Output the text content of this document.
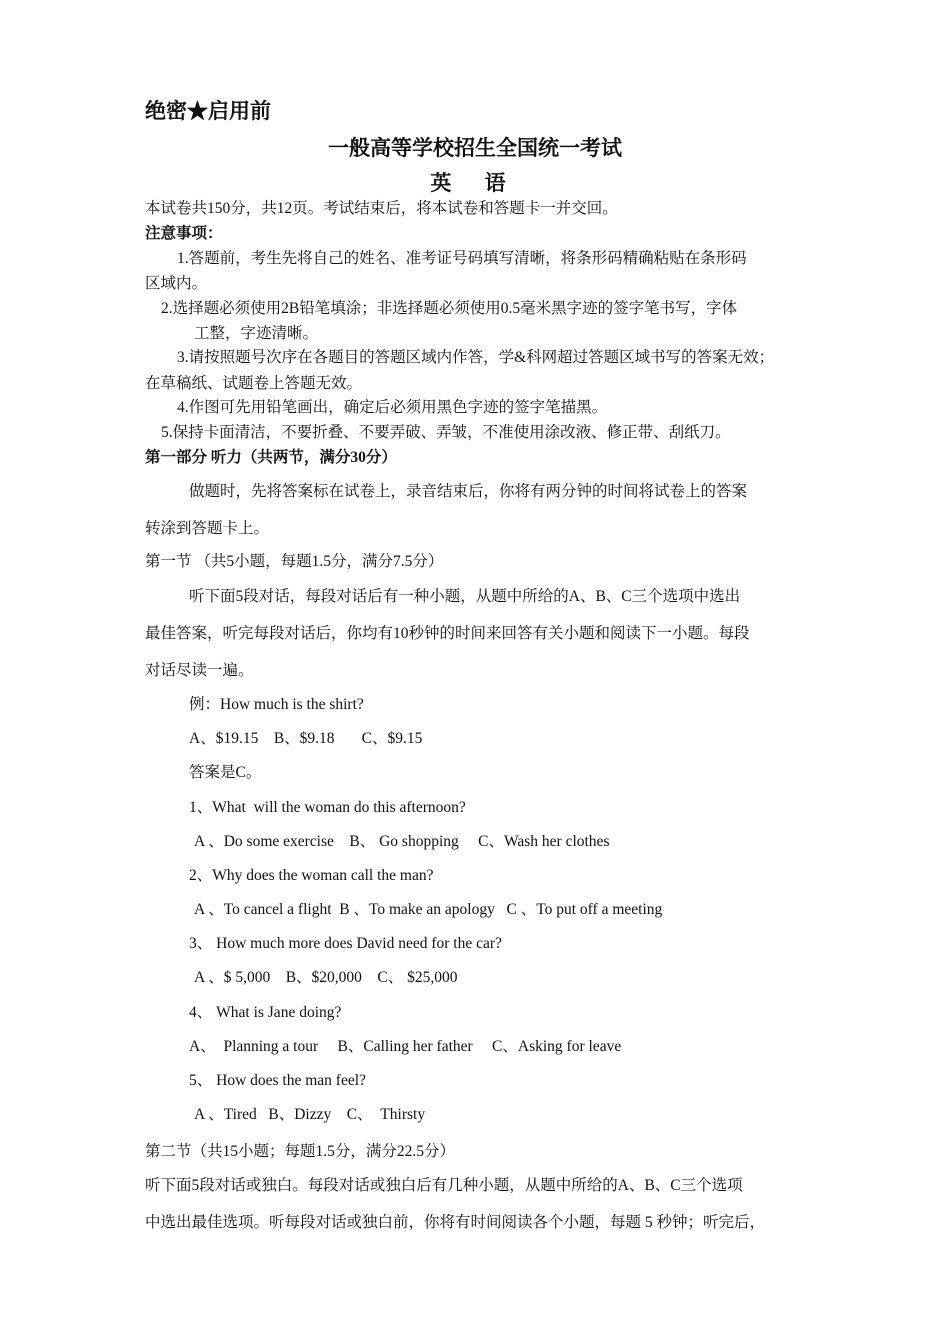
绝密★启用前
一般高等学校招生全国统一考试
英 语
本试卷共150分，共12页。考试结束后，将本试卷和答题卡一并交回。
注意事项：
1.答题前，考生先将自己的姓名、准考证号码填写清晰，将条形码精确粘贴在条形码
区域内。
2.选择题必须使用2B铅笔填涂；非选择题必须使用0.5毫米黑字迹的签字笔书写，字体
工整，字迹清晰。
3.请按照题号次序在各题目的答题区域内作答，学&科网超过答题区域书写的答案无效；
在草稿纸、试题卷上答题无效。
4.作图可先用铅笔画出，确定后必须用黑色字迹的签字笔描黑。
5.保持卡面清洁，不要折叠、不要弄破、弄皱，不准使用涂改液、修正带、刮纸刀。
第一部分 听力（共两节，满分30分）
做题时，先将答案标在试卷上，录音结束后，你将有两分钟的时间将试卷上的答案
转涂到答题卡上。
第一节 （共5小题，每题1.5分，满分7.5分）
听下面5段对话，每段对话后有一种小题，从题中所给的A、B、C三个选项中选出
最佳答案，听完每段对话后，你均有10秒钟的时间来回答有关小题和阅读下一小题。每段
对话尽读一遍。
例：How much is the shirt?
A、$19.15    B、$9.18       C、$9.15
答案是C。
1、What  will the woman do this afternoon?
A 、Do some exercise    B、 Go shopping     C、Wash her clothes
2、Why does the woman call the man?
A 、To cancel a flight  B 、To make an apology   C 、To put off a meeting
3、 How much more does David need for the car?
A 、$ 5,000    B、$20,000    C、 $25,000
4、 What is Jane doing?
A、  Planning a tour     B、Calling her father     C、Asking for leave
5、 How does the man feel?
A 、Tired   B、Dizzy    C、  Thirsty
第二节（共15小题；每题1.5分，满分22.5分）
听下面5段对话或独白。每段对话或独白后有几种小题，从题中所给的A、B、C三个选项
中选出最佳选项。听每段对话或独白前，你将有时间阅读各个小题，每题 5 秒钟；听完后，
